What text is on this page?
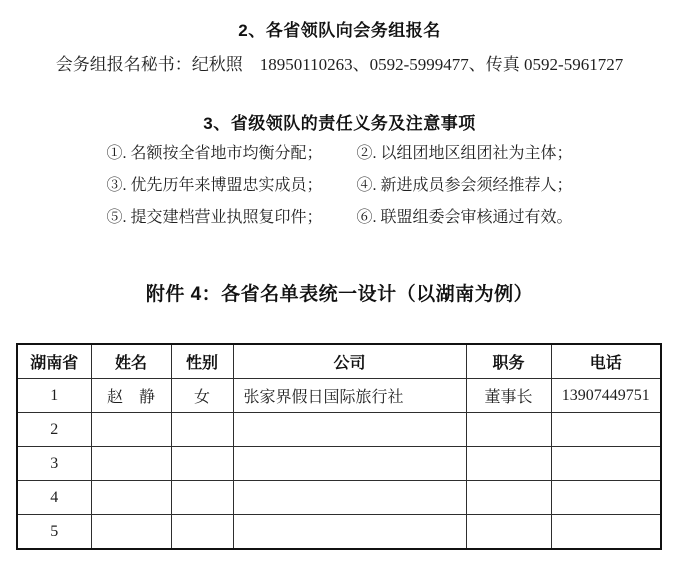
2、各省领队向会务组报名
会务组报名秘书：纪秋照　18950110263、0592-5999477、传真 0592-5961727
3、省级领队的责任义务及注意事项
①. 名额按全省地市均衡分配； ②. 以组团地区组团社为主体；
③. 优先历年来博盟忠实成员； ④. 新进成员参会须经推荐人；
⑤. 提交建档营业执照复印件； ⑥. 联盟组委会审核通过有效。
附件 4：各省名单表统一设计（以湖南为例）
湖南省	姓名	性别	公司	职务	电话
1	赵　静	女	张家界假日国际旅行社	董事长	13907449751
2					
3					
4					
5					
